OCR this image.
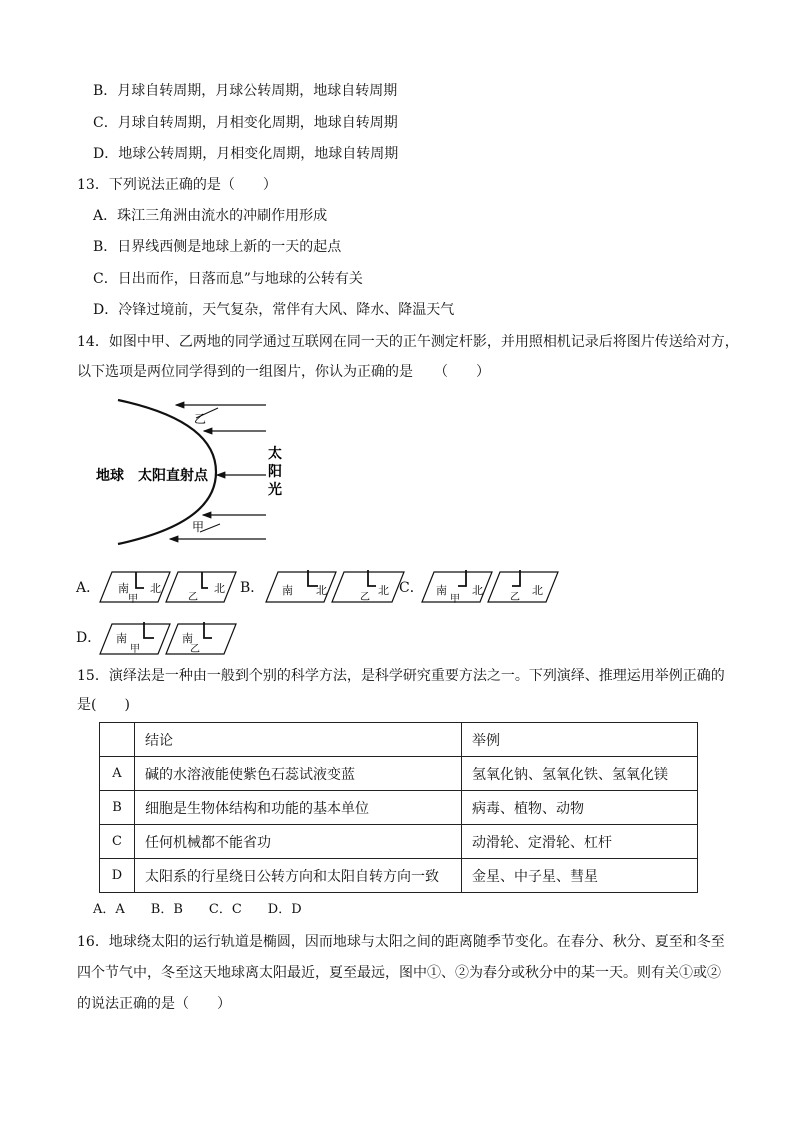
B．月球自转周期，月球公转周期，地球自转周期
C．月球自转周期，月相变化周期，地球自转周期
D．地球公转周期，月相变化周期，地球自转周期
13．下列说法正确的是（　　）
A．珠江三角洲由流水的冲刷作用形成
B．日界线西侧是地球上新的一天的起点
C．日出而作，日落而息”与地球的公转有关
D．冷锋过境前，天气复杂，常伴有大风、降水、降温天气
14．如图中甲、乙两地的同学通过互联网在同一天的正午测定杆影，并用照相机记录后将图片传送给对方，
以下选项是两位同学得到的一组图片，你认为正确的是　　（　　）
乙
甲
地球 太阳直射点
太
阳
光
A．	B．	C．
D．
南 北
甲
北
乙
南 北	北
乙
南 北
甲
北
乙
南	南
甲	乙
15．演绎法是一种由一般到个别的科学方法，是科学研究重要方法之一。下列演绎、推理运用举例正确的
是(　　)
	结论	举例
A	碱的水溶液能使紫色石蕊试液变蓝	氢氧化钠、氢氧化铁、氢氧化镁
B	细胞是生物体结构和功能的基本单位	病毒、植物、动物
C	任何机械都不能省功	动滑轮、定滑轮、杠杆
D	太阳系的行星绕日公转方向和太阳自转方向一致	金星、中子星、彗星
A．A　　B．B　　C．C　　D．D
16．地球绕太阳的运行轨道是椭圆，因而地球与太阳之间的距离随季节变化。在春分、秋分、夏至和冬至
四个节气中，冬至这天地球离太阳最近，夏至最远，图中①、②为春分或秋分中的某一天。则有关①或②
的说法正确的是（　　）
